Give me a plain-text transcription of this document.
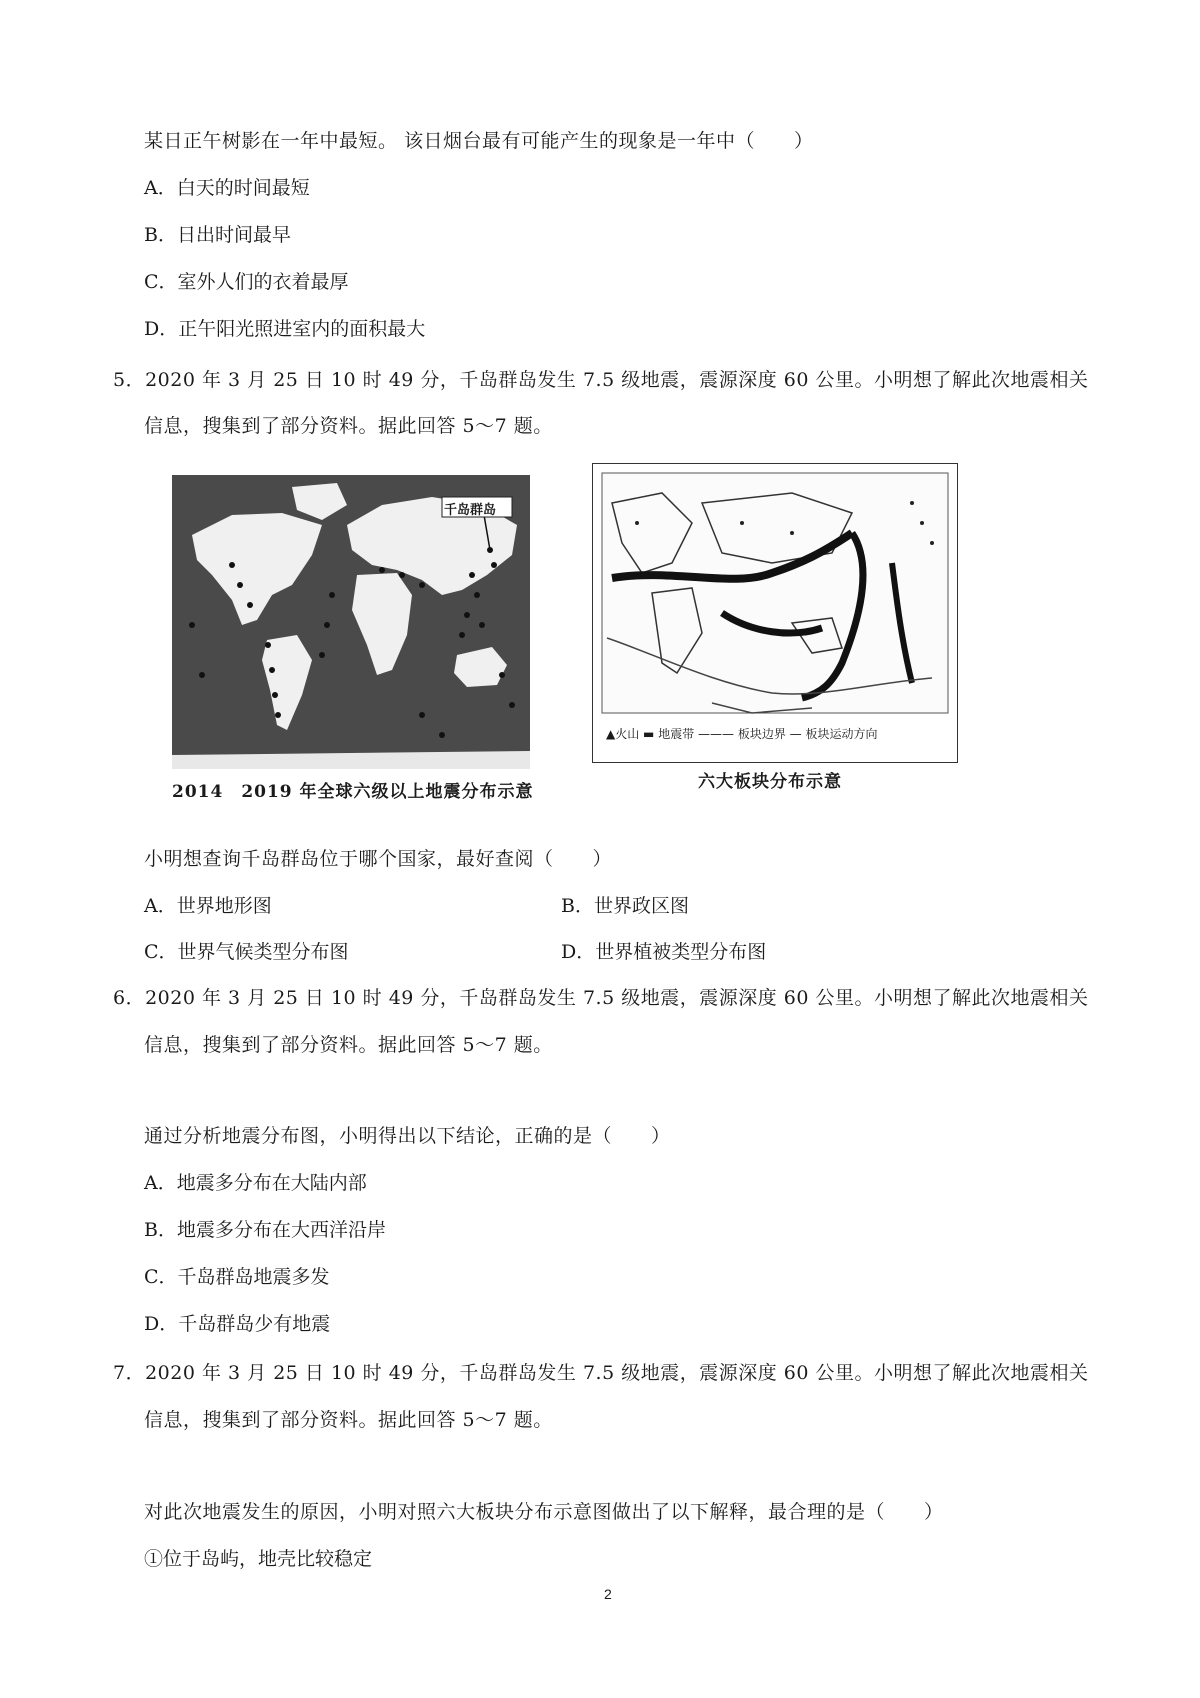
某日正午树影在一年中最短。 该日烟台最有可能产生的现象是一年中（　　）
A．白天的时间最短
B．日出时间最早
C．室外人们的衣着最厚
D．正午阳光照进室内的面积最大
5．2020 年 3 月 25 日 10 时 49 分，千岛群岛发生 7.5 级地震，震源深度 60 公里。小明想了解此次地震相关
信息，搜集到了部分资料。据此回答 5～7 题。
千岛群岛
2014　2019 年全球六级以上地震分布示意
▲火山 ▬ 地震带 ——— 板块边界 — 板块运动方向
六大板块分布示意
小明想查询千岛群岛位于哪个国家，最好查阅（　　）
A．世界地形图	B．世界政区图
C．世界气候类型分布图	D．世界植被类型分布图
6．2020 年 3 月 25 日 10 时 49 分，千岛群岛发生 7.5 级地震，震源深度 60 公里。小明想了解此次地震相关
信息，搜集到了部分资料。据此回答 5～7 题。
通过分析地震分布图，小明得出以下结论，正确的是（　　）
A．地震多分布在大陆内部
B．地震多分布在大西洋沿岸
C．千岛群岛地震多发
D．千岛群岛少有地震
7．2020 年 3 月 25 日 10 时 49 分，千岛群岛发生 7.5 级地震，震源深度 60 公里。小明想了解此次地震相关
信息，搜集到了部分资料。据此回答 5～7 题。
对此次地震发生的原因，小明对照六大板块分布示意图做出了以下解释，最合理的是（　　）
①位于岛屿，地壳比较稳定
2
